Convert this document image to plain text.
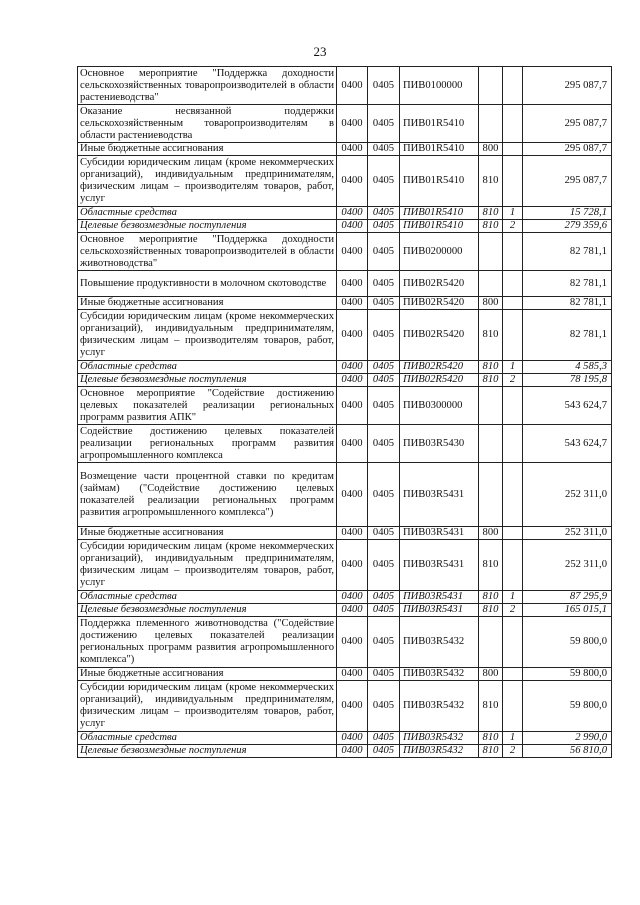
23
Основное мероприятие "Поддержка доходности сельскохозяйственных товаропроизводителей в области растениеводства"	0400	0405	ПИВ0100000			295 087,7
Оказание несвязанной поддержки сельскохозяйственным товаропроизводителям в области растениеводства	0400	0405	ПИВ01R5410			295 087,7
Иные бюджетные ассигнования	0400	0405	ПИВ01R5410	800		295 087,7
Субсидии юридическим лицам (кроме некоммерческих организаций), индивидуальным предпринимателям, физическим лицам – производителям товаров, работ, услуг	0400	0405	ПИВ01R5410	810		295 087,7
Областные средства	0400	0405	ПИВ01R5410	810	1	15 728,1
Целевые безвозмездные поступления	0400	0405	ПИВ01R5410	810	2	279 359,6
Основное мероприятие "Поддержка доходности сельскохозяйственных товаропроизводителей в области животноводства"	0400	0405	ПИВ0200000			82 781,1
Повышение продуктивности в молочном скотоводстве	0400	0405	ПИВ02R5420			82 781,1
Иные бюджетные ассигнования	0400	0405	ПИВ02R5420	800		82 781,1
Субсидии юридическим лицам (кроме некоммерческих организаций), индивидуальным предпринимателям, физическим лицам – производителям товаров, работ, услуг	0400	0405	ПИВ02R5420	810		82 781,1
Областные средства	0400	0405	ПИВ02R5420	810	1	4 585,3
Целевые безвозмездные поступления	0400	0405	ПИВ02R5420	810	2	78 195,8
Основное мероприятие "Содействие достижению целевых показателей реализации региональных программ развития АПК"	0400	0405	ПИВ0300000			543 624,7
Содействие достижению целевых показателей реализации региональных программ развития агропромышленного комплекса	0400	0405	ПИВ03R5430			543 624,7
Возмещение части процентной ставки по кредитам (займам) ("Содействие достижению целевых показателей реализации региональных программ развития агропромышленного комплекса")	0400	0405	ПИВ03R5431			252 311,0
Иные бюджетные ассигнования	0400	0405	ПИВ03R5431	800		252 311,0
Субсидии юридическим лицам (кроме некоммерческих организаций), индивидуальным предпринимателям, физическим лицам – производителям товаров, работ, услуг	0400	0405	ПИВ03R5431	810		252 311,0
Областные средства	0400	0405	ПИВ03R5431	810	1	87 295,9
Целевые безвозмездные поступления	0400	0405	ПИВ03R5431	810	2	165 015,1
Поддержка племенного животноводства ("Содействие достижению целевых показателей реализации региональных программ развития агропромышленного комплекса")	0400	0405	ПИВ03R5432			59 800,0
Иные бюджетные ассигнования	0400	0405	ПИВ03R5432	800		59 800,0
Субсидии юридическим лицам (кроме некоммерческих организаций), индивидуальным предпринимателям, физическим лицам – производителям товаров, работ, услуг	0400	0405	ПИВ03R5432	810		59 800,0
Областные средства	0400	0405	ПИВ03R5432	810	1	2 990,0
Целевые безвозмездные поступления	0400	0405	ПИВ03R5432	810	2	56 810,0
